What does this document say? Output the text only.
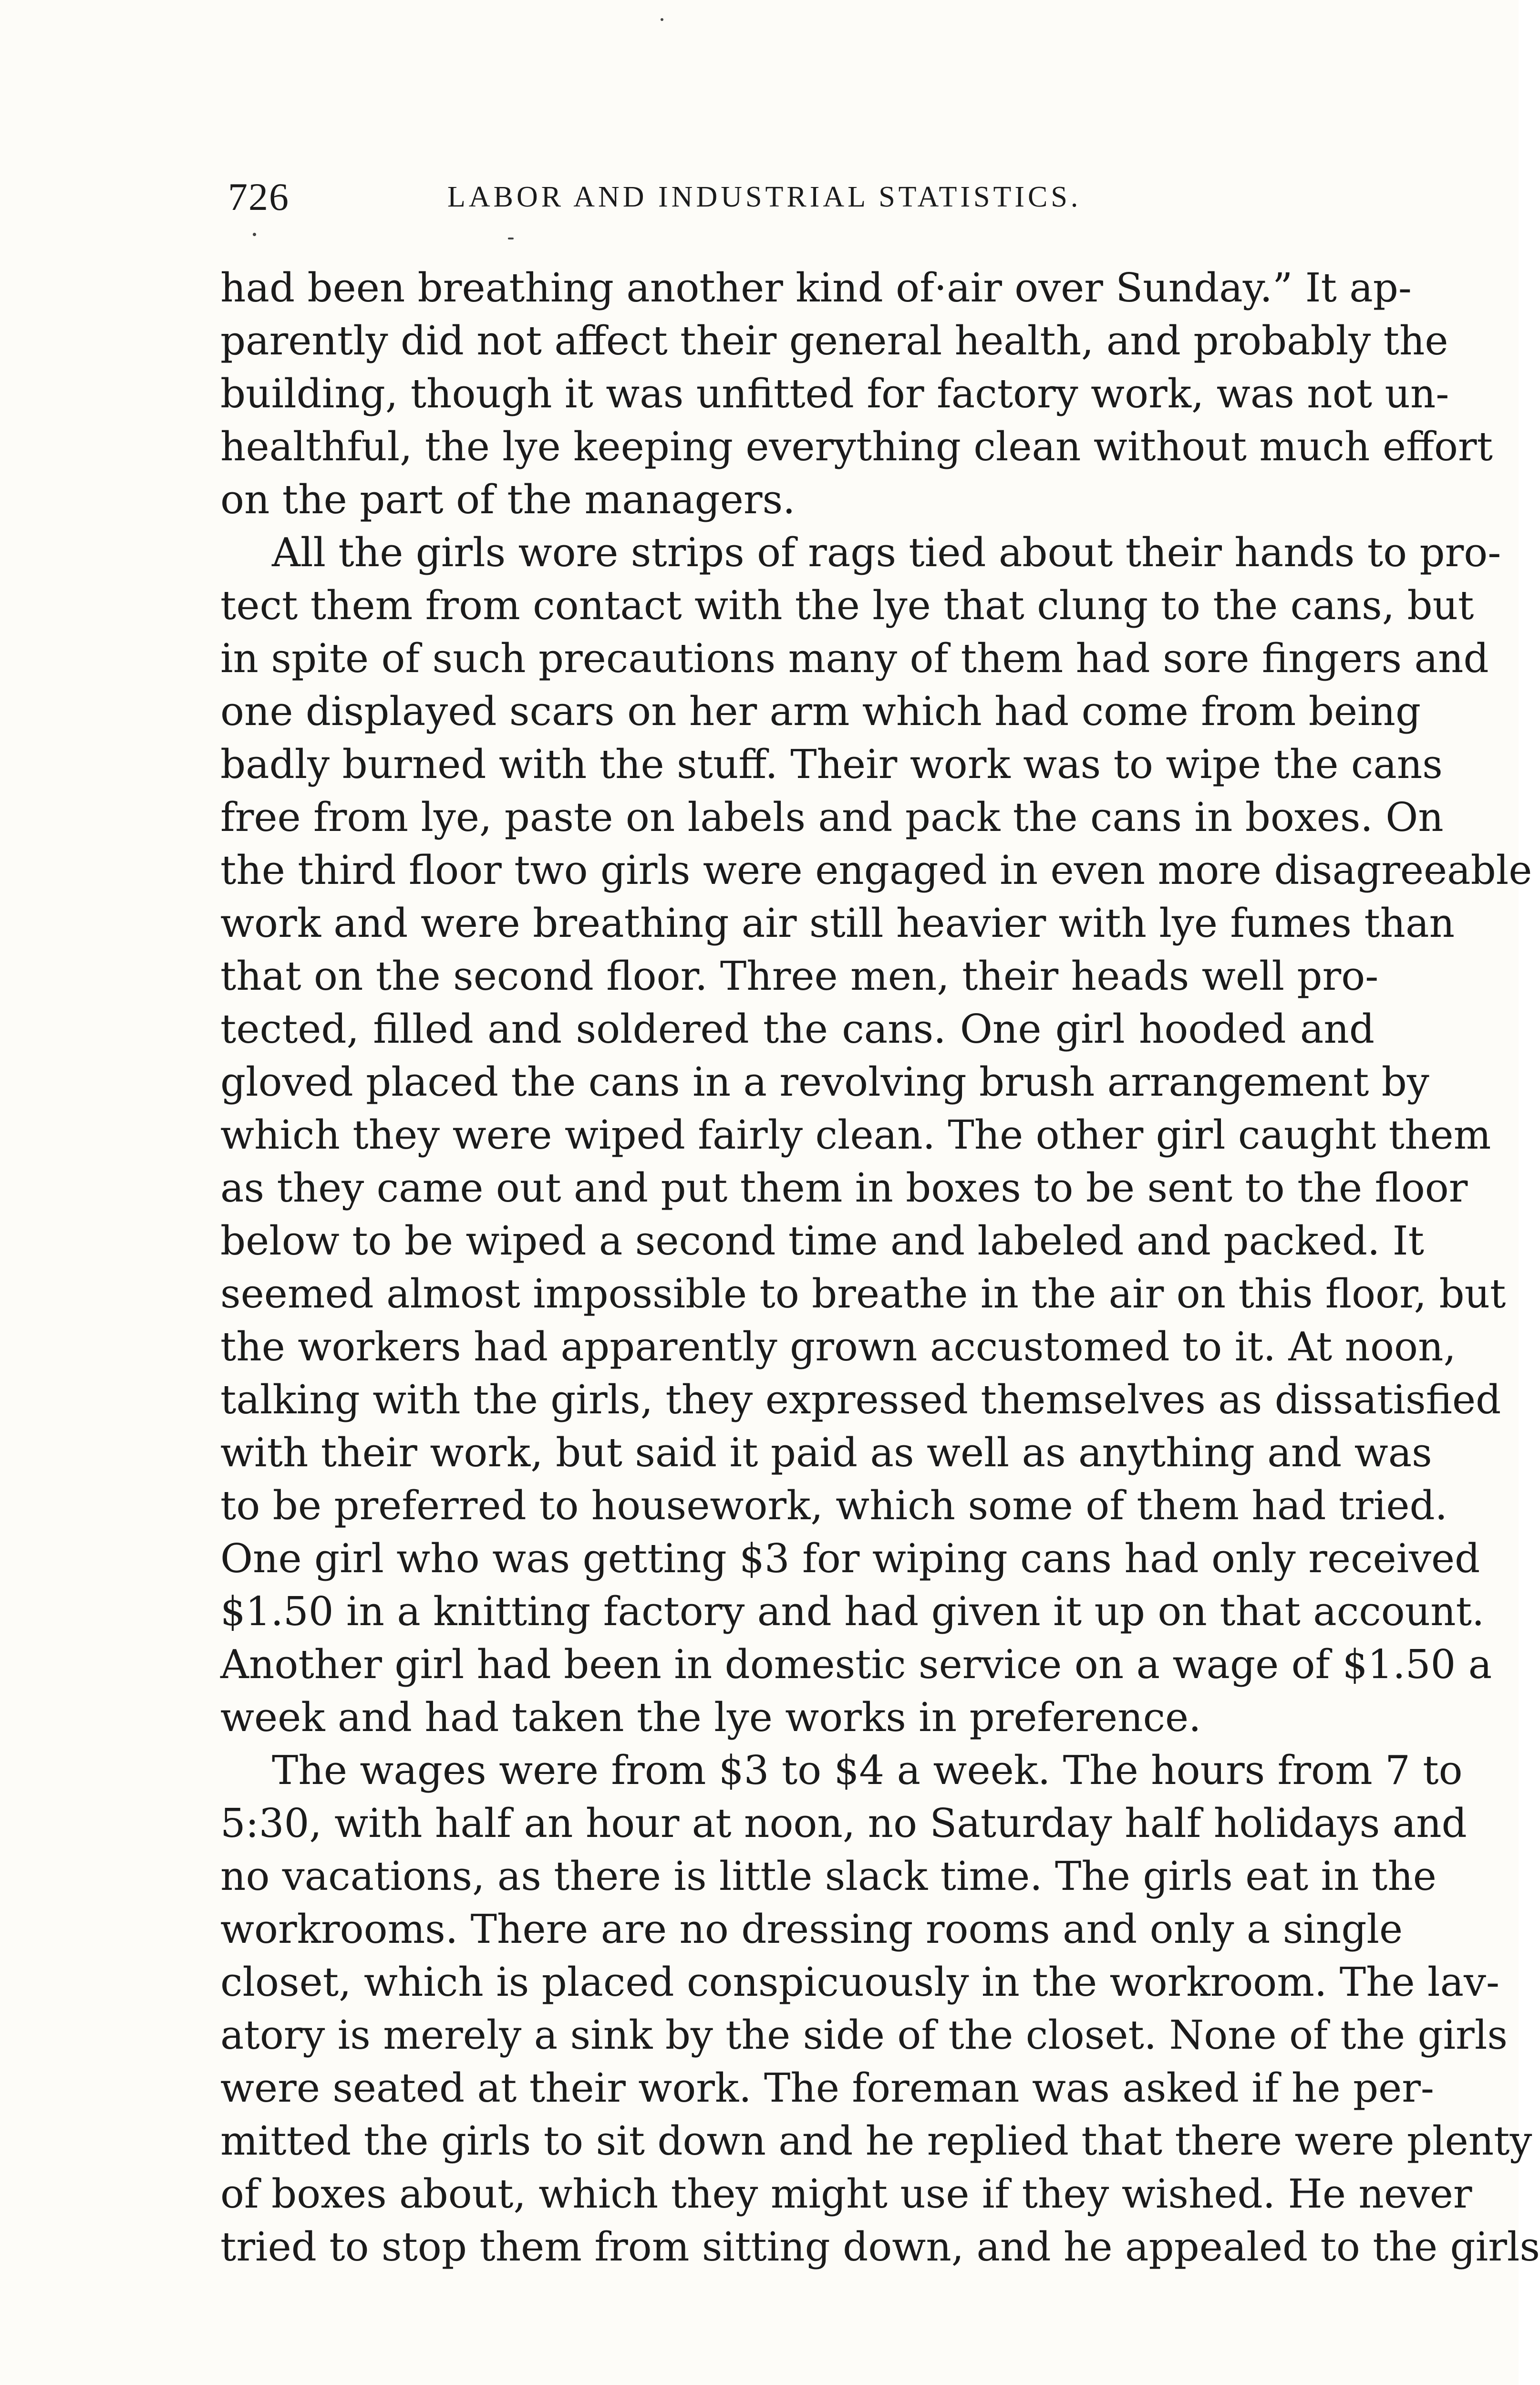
726	LABOR AND INDUSTRIAL STATISTICS.
had been breathing another kind of·air over Sunday.” It ap-
parently did not affect their general health, and probably the
building, though it was unfitted for factory work, was not un-
healthful, the lye keeping everything clean without much effort
on the part of the managers.
All the girls wore strips of rags tied about their hands to pro-
tect them from contact with the lye that clung to the cans, but
in spite of such precautions many of them had sore fingers and
one displayed scars on her arm which had come from being
badly burned with the stuff. Their work was to wipe the cans
free from lye, paste on labels and pack the cans in boxes. On
the third floor two girls were engaged in even more disagreeable
work and were breathing air still heavier with lye fumes than
that on the second floor. Three men, their heads well pro-
tected, filled and soldered the cans. One girl hooded and
gloved placed the cans in a revolving brush arrangement by
which they were wiped fairly clean. The other girl caught them
as they came out and put them in boxes to be sent to the floor
below to be wiped a second time and labeled and packed. It
seemed almost impossible to breathe in the air on this floor, but
the workers had apparently grown accustomed to it. At noon,
talking with the girls, they expressed themselves as dissatisfied
with their work, but said it paid as well as anything and was
to be preferred to housework, which some of them had tried.
One girl who was getting $3 for wiping cans had only received
$1.50 in a knitting factory and had given it up on that account.
Another girl had been in domestic service on a wage of $1.50 a
week and had taken the lye works in preference.
The wages were from $3 to $4 a week. The hours from 7 to
5:30, with half an hour at noon, no Saturday half holidays and
no vacations, as there is little slack time. The girls eat in the
workrooms. There are no dressing rooms and only a single
closet, which is placed conspicuously in the workroom. The lav-
atory is merely a sink by the side of the closet. None of the girls
were seated at their work. The foreman was asked if he per-
mitted the girls to sit down and he replied that there were plenty
of boxes about, which they might use if they wished. He never
tried to stop them from sitting down, and he appealed to the girls
